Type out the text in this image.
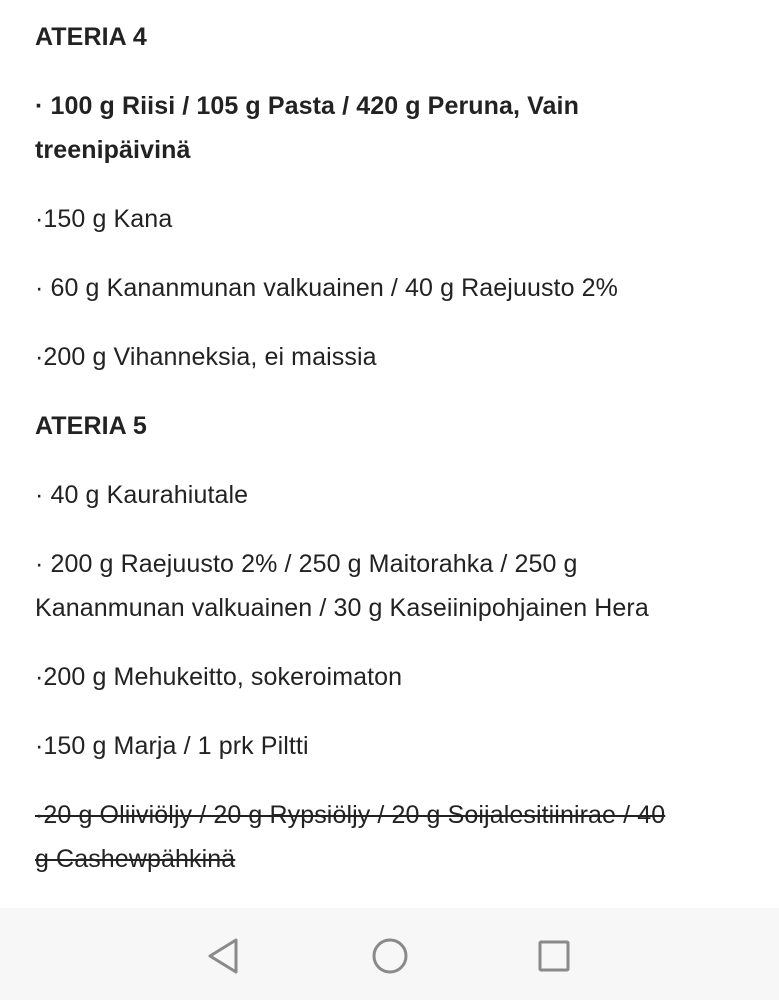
ATERIA 4
· 100 g Riisi / 105 g Pasta / 420 g Peruna, Vain
treenipäivinä
·150 g Kana
· 60 g Kananmunan valkuainen / 40 g Raejuusto 2%
·200 g Vihanneksia, ei maissia
ATERIA 5
· 40 g Kaurahiutale
· 200 g Raejuusto 2% / 250 g Maitorahka / 250 g
Kananmunan valkuainen / 30 g Kaseiinipohjainen Hera
·200 g Mehukeitto, sokeroimaton
·150 g Marja / 1 prk Piltti
·20 g Oliiviöljy / 20 g Rypsiöljy / 20 g Soijalesitiinirae / 40
g Cashewpähkinä
